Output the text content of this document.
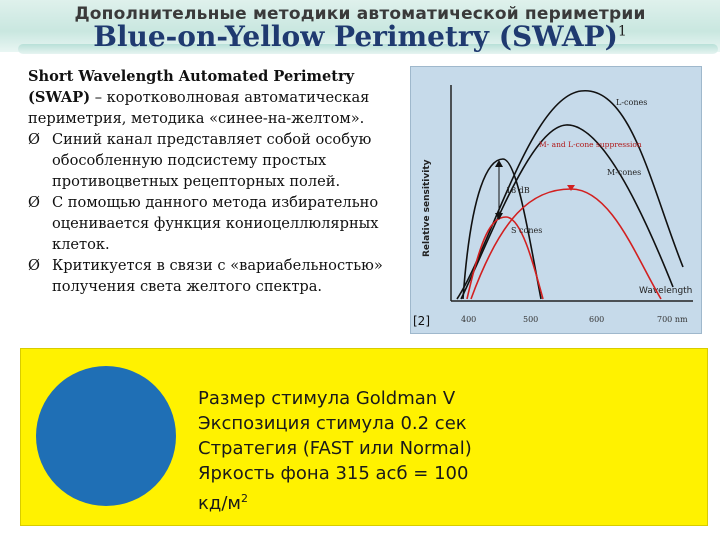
Дополнительные методики автоматической периметрии
Blue-on-Yellow Perimetry (SWAP)$^1$
Short Wavelength Automated Perimetry (SWAP) – коротковолновая автоматическая периметрия, методика «синее-на-желтом».
Ø Синий канал представляет собой особую обособленную подсистему простых противоцветных рецепторных полей.
Ø С помощью данного метода избирательно оценивается функция кониоцеллюлярных клеток.
Ø Критикуется в связи с «вариабельностью» получения света желтого спектра.
Relative sensitivity
Wavelength
400	500	600	700 nm
18 dB
L-cones
M- and L-cone suppression
M-cones
S cones
[2]
Размер стимула Goldman V
Экспозиция стимула 0.2 сек
Стратегия (FAST или Normal)
Яркость фона 315 асб = 100
$кд/м^2$
